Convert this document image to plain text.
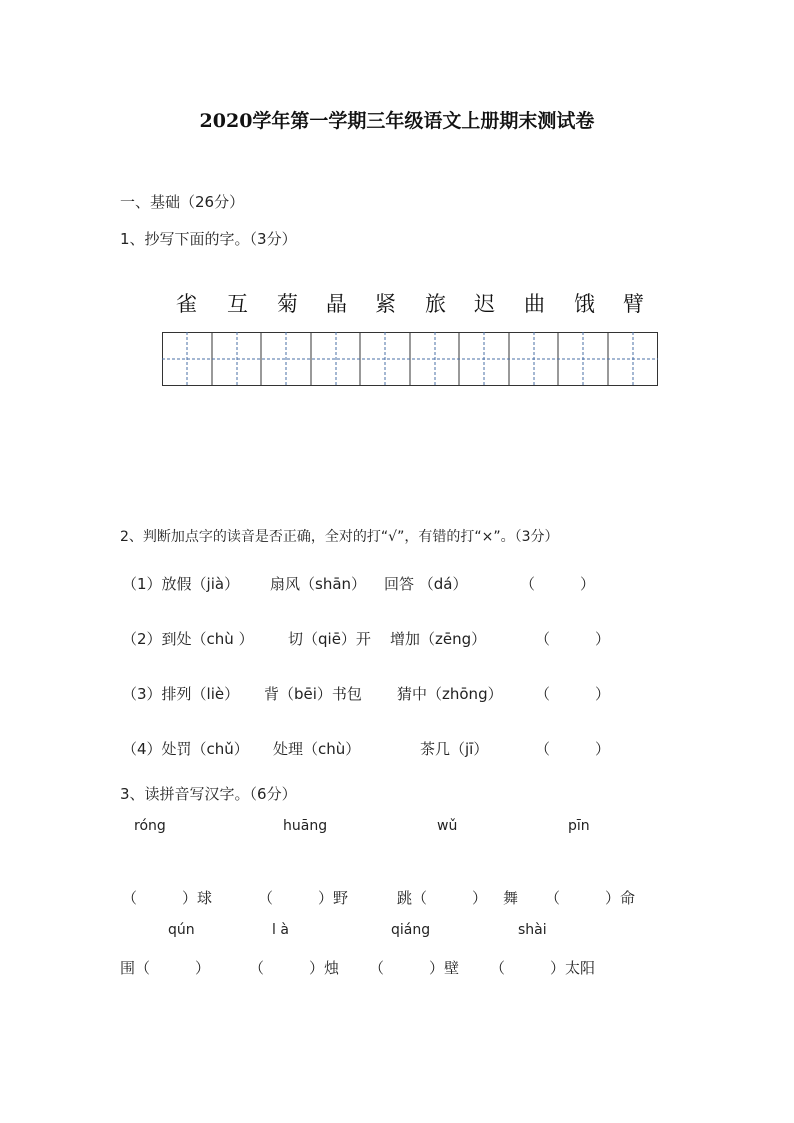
2020学年第一学期三年级语文上册期末测试卷
一、基础（26分）
1、抄写下面的字。（3分）
雀 互 菊 晶 紧 旅 迟 曲 饿 臂
2、判断加点字的读音是否正确，全对的打“√”，有错的打“×”。（3分）
（1）放假（jià） 扇风（shān） 回答 （dá）	（　　　）
（2）到处（chù ） 切（qiē）开 增加（zēng）	（　　　）
（3）排列（liè） 背（bēi）书包 猜中（zhōng） （　　　）
（4）处罚（chǔ） 处理（chù）	茶几（jī）	（　　　）
3、读拼音写汉字。（6分）
róng	huāng	wǔ	pīn
（　　　）球	（　　　）野	跳（　　　） 舞 （　　　）命
qún	l à	qiáng	shài
围（　　　）	（　　　）烛 （　　　）壁 （　　　）太阳
